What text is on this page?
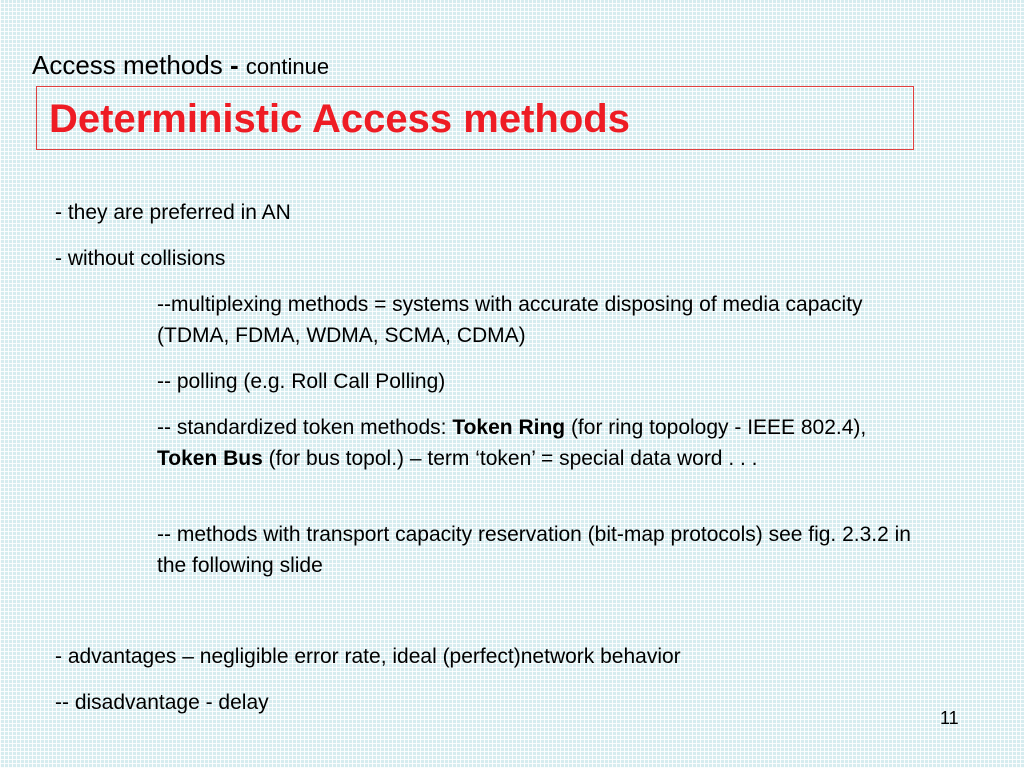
Access methods - continue
Deterministic Access methods
- they are preferred in AN
- without collisions
--multiplexing methods = systems with accurate disposing of media capacity (TDMA, FDMA, WDMA, SCMA, CDMA)
-- polling (e.g. Roll Call Polling)
-- standardized token methods: Token Ring (for ring topology - IEEE 802.4), Token Bus (for bus topol.) – term ‘token’ = special data word . . .
-- methods with transport capacity reservation (bit-map protocols) see fig. 2.3.2 in the following slide
- advantages – negligible error rate, ideal (perfect)network behavior
-- disadvantage - delay
11
